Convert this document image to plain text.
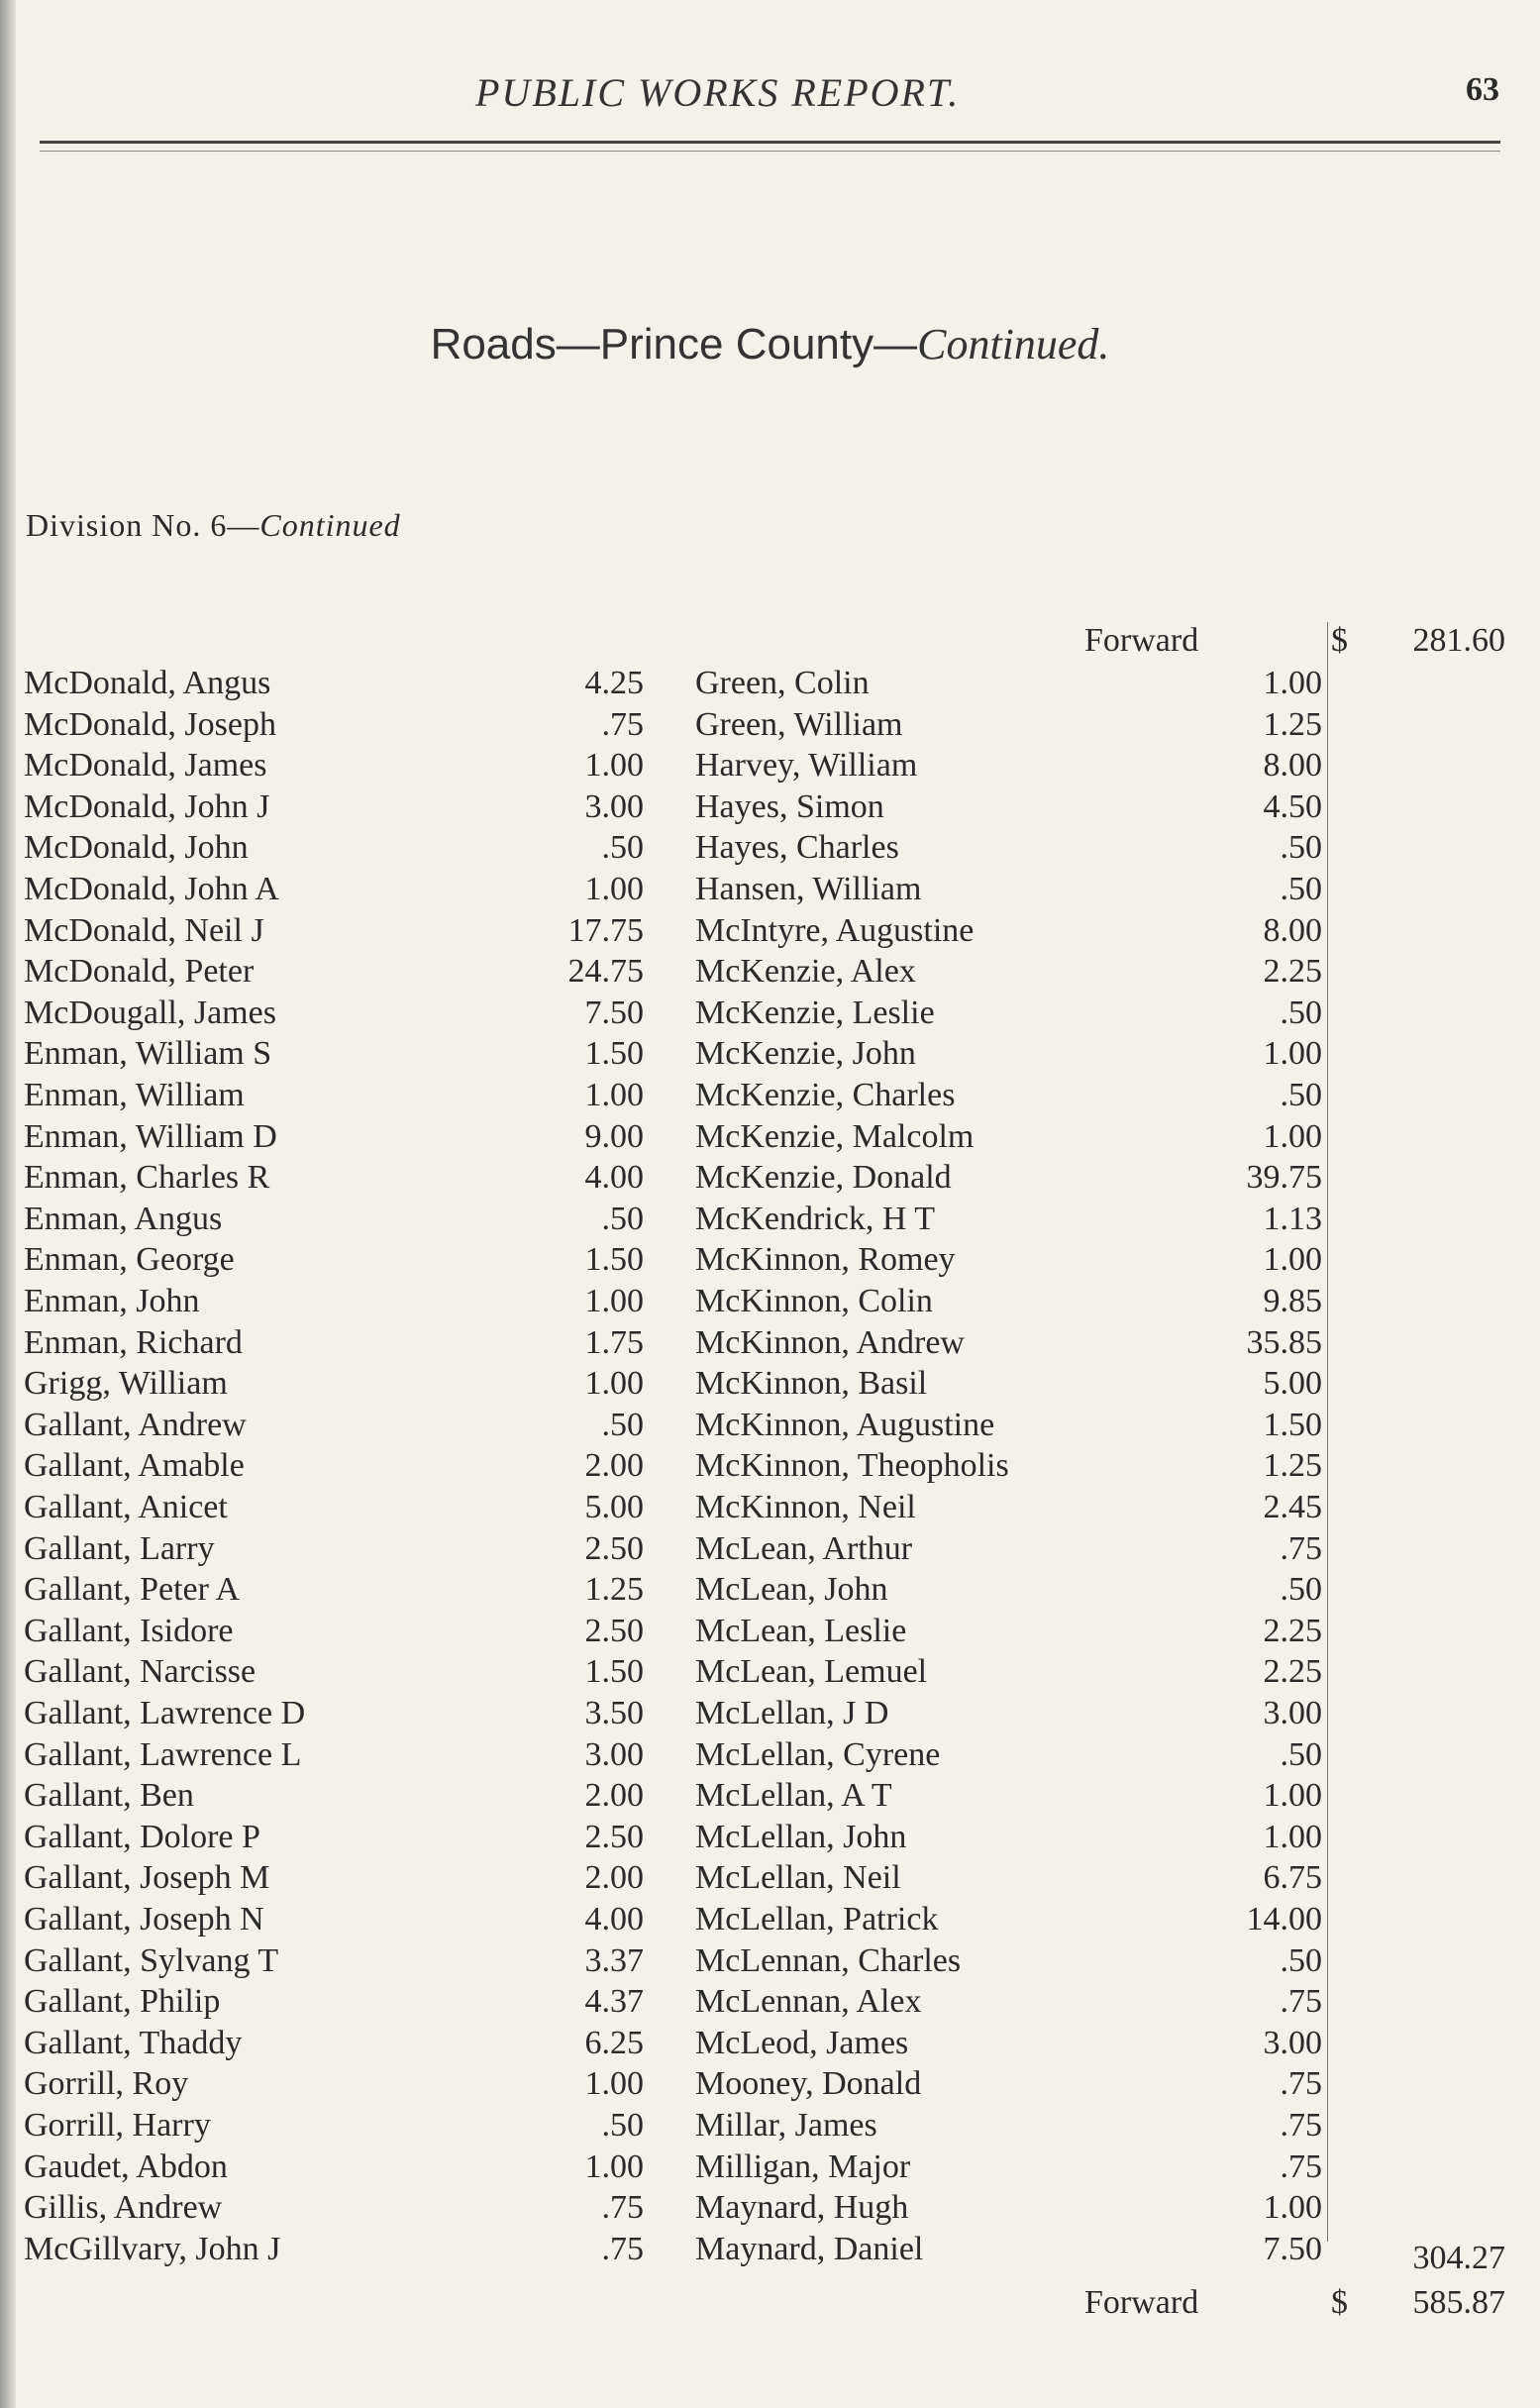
PUBLIC WORKS REPORT.	63
Roads—Prince County—Continued.
Division No. 6—Continued
Forward	$	281.60
McDonald, Angus	4.25
McDonald, Joseph	.75
McDonald, James	1.00
McDonald, John J	3.00
McDonald, John	.50
McDonald, John A	1.00
McDonald, Neil J	17.75
McDonald, Peter	24.75
McDougall, James	7.50
Enman, William S	1.50
Enman, William	1.00
Enman, William D	9.00
Enman, Charles R	4.00
Enman, Angus	.50
Enman, George	1.50
Enman, John	1.00
Enman, Richard	1.75
Grigg, William	1.00
Gallant, Andrew	.50
Gallant, Amable	2.00
Gallant, Anicet	5.00
Gallant, Larry	2.50
Gallant, Peter A	1.25
Gallant, Isidore	2.50
Gallant, Narcisse	1.50
Gallant, Lawrence D	3.50
Gallant, Lawrence L	3.00
Gallant, Ben	2.00
Gallant, Dolore P	2.50
Gallant, Joseph M	2.00
Gallant, Joseph N	4.00
Gallant, Sylvang T	3.37
Gallant, Philip	4.37
Gallant, Thaddy	6.25
Gorrill, Roy	1.00
Gorrill, Harry	.50
Gaudet, Abdon	1.00
Gillis, Andrew	.75
McGillvary, John J	.75
Green, Colin	1.00
Green, William	1.25
Harvey, William	8.00
Hayes, Simon	4.50
Hayes, Charles	.50
Hansen, William	.50
McIntyre, Augustine	8.00
McKenzie, Alex	2.25
McKenzie, Leslie	.50
McKenzie, John	1.00
McKenzie, Charles	.50
McKenzie, Malcolm	1.00
McKenzie, Donald	39.75
McKendrick, H T	1.13
McKinnon, Romey	1.00
McKinnon, Colin	9.85
McKinnon, Andrew	35.85
McKinnon, Basil	5.00
McKinnon, Augustine	1.50
McKinnon, Theopholis	1.25
McKinnon, Neil	2.45
McLean, Arthur	.75
McLean, John	.50
McLean, Leslie	2.25
McLean, Lemuel	2.25
McLellan, J D	3.00
McLellan, Cyrene	.50
McLellan, A T	1.00
McLellan, John	1.00
McLellan, Neil	6.75
McLellan, Patrick	14.00
McLennan, Charles	.50
McLennan, Alex	.75
McLeod, James	3.00
Mooney, Donald	.75
Millar, James	.75
Milligan, Major	.75
Maynard, Hugh	1.00
Maynard, Daniel	7.50	304.27
Forward	$	585.87
